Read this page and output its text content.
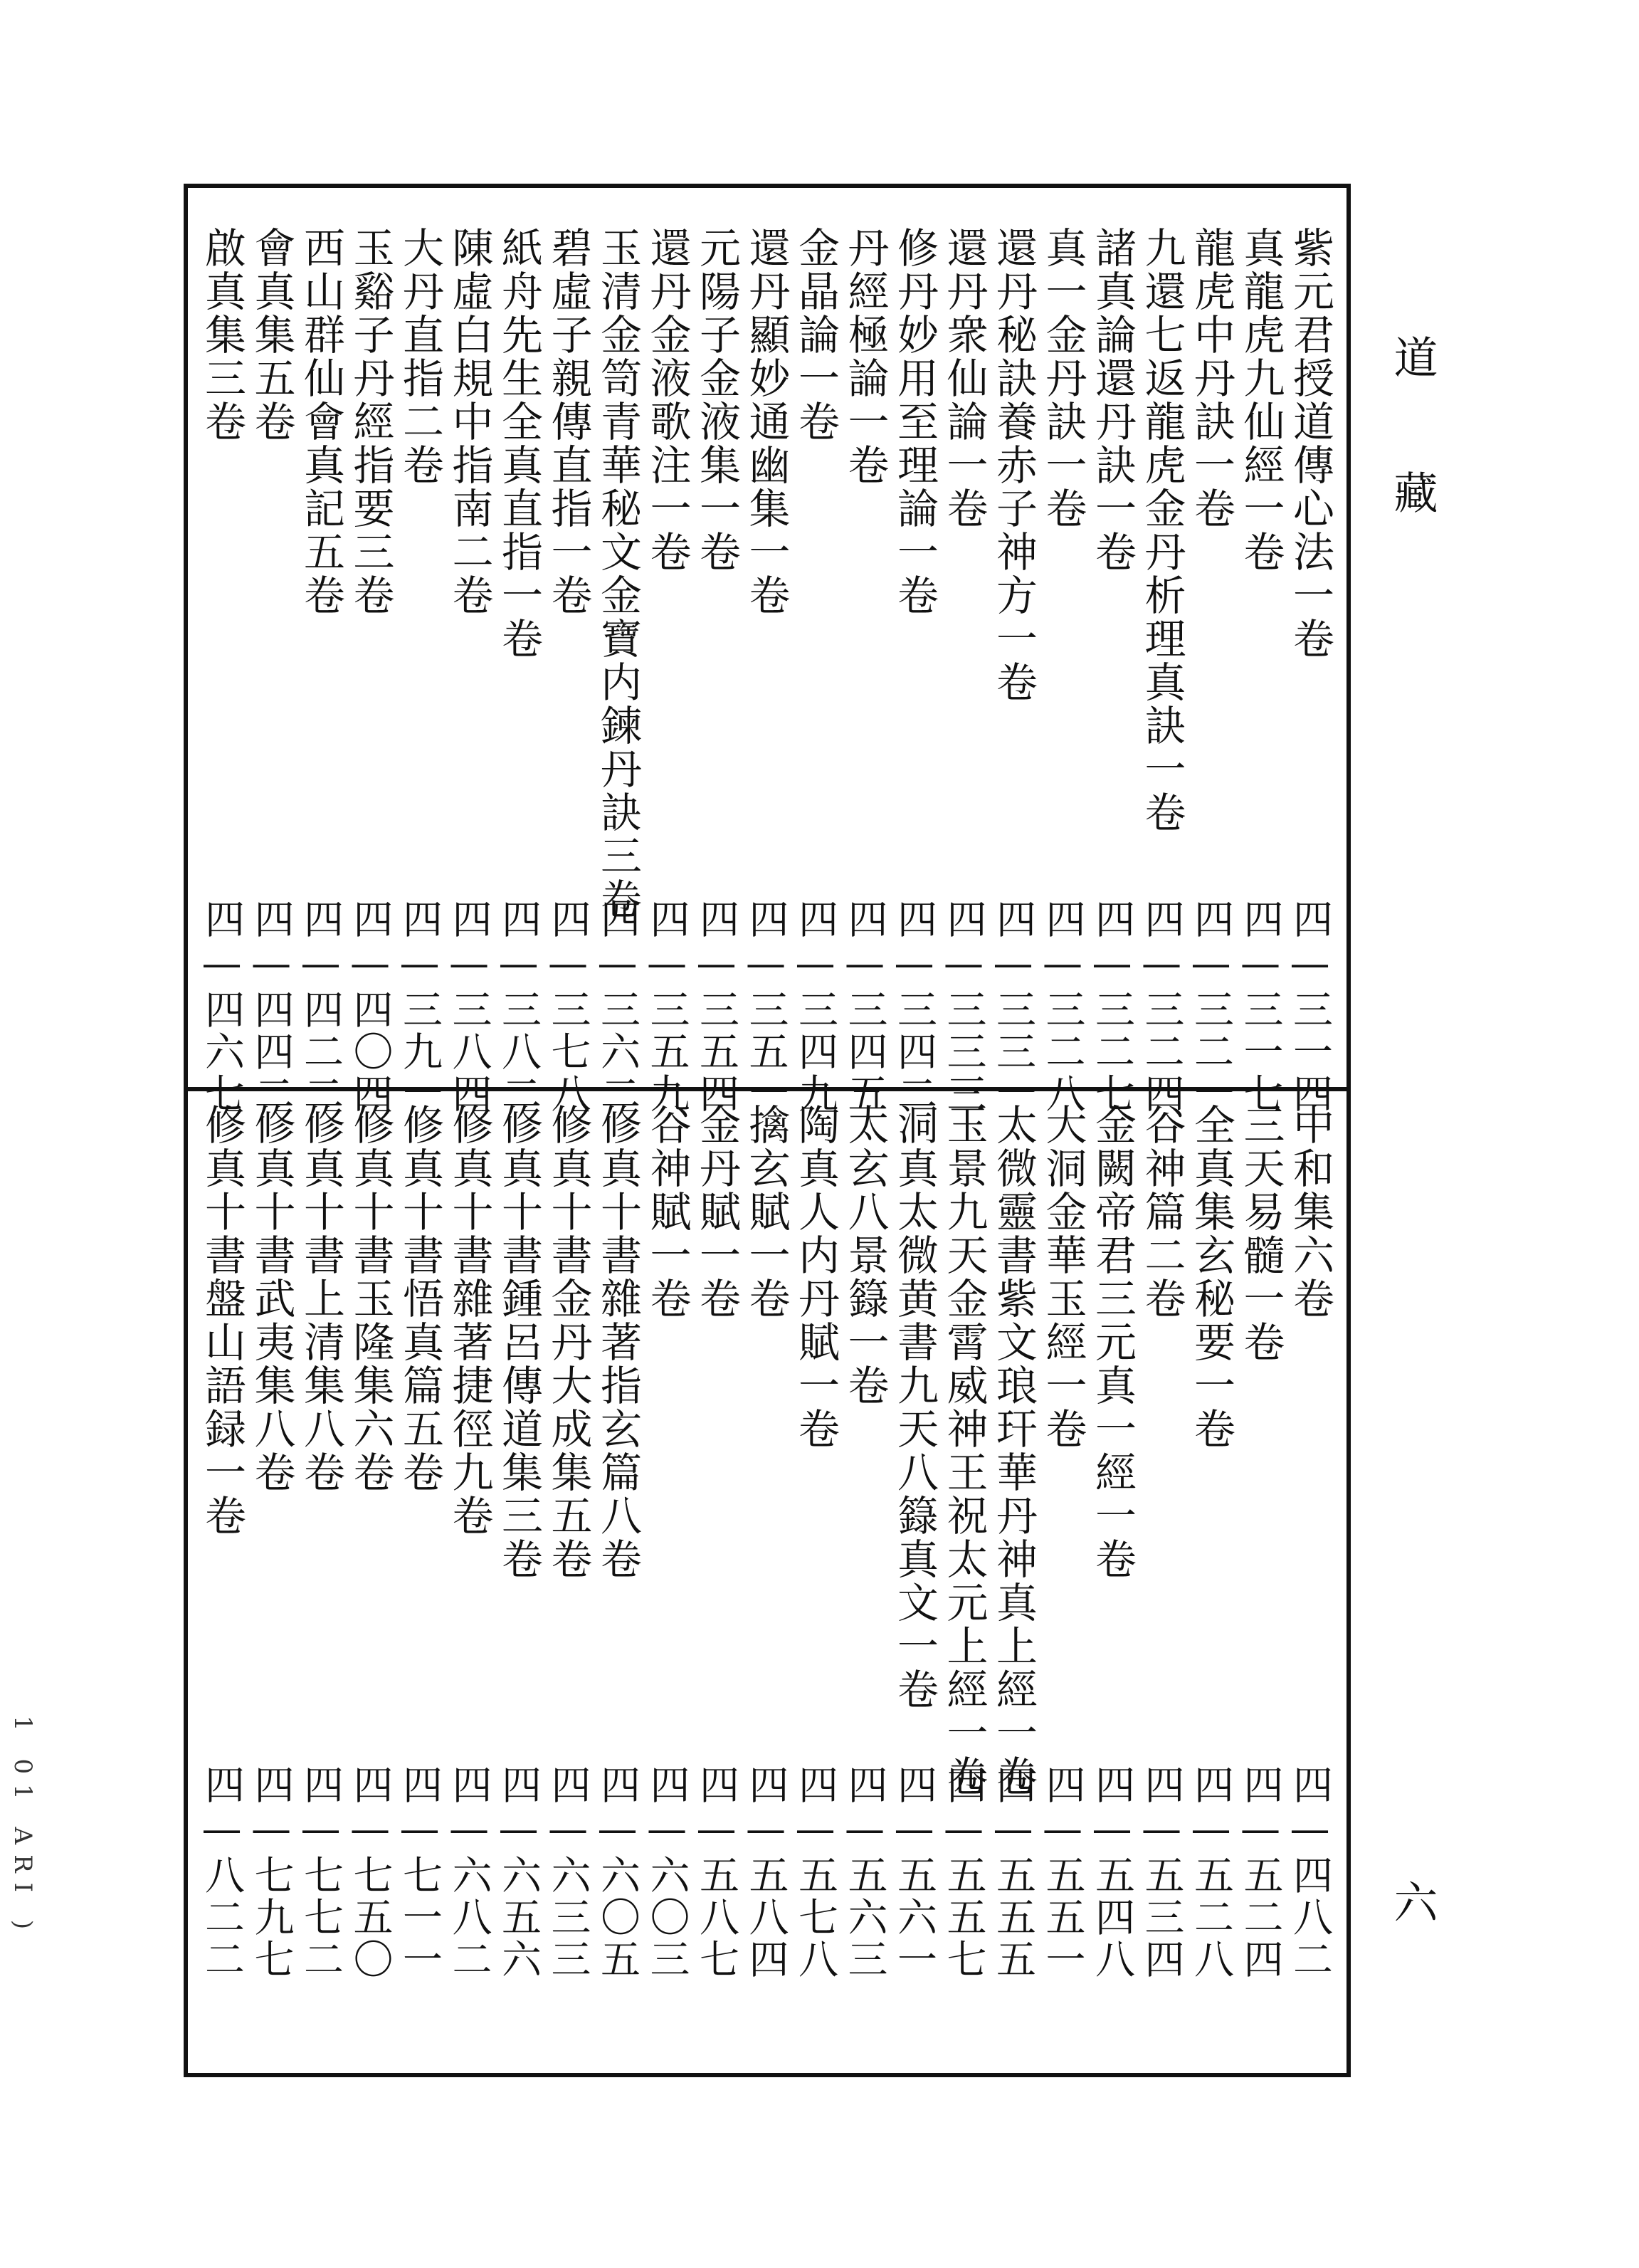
道
藏
六
1 01 ARI )
紫元君授道傳心法一卷
真龍虎九仙經一卷
龍虎中丹訣一卷
九還七返龍虎金丹析理真訣一卷
諸真論還丹訣一卷
真一金丹訣一卷
還丹秘訣養赤子神方一卷
還丹衆仙論一卷
修丹妙用至理論一卷
丹經極論一卷
金晶論一卷
還丹顯妙通幽集一卷
元陽子金液集一卷
還丹金液歌注一卷
玉清金笥青華秘文金寶内鍊丹訣三卷
碧虛子親傳直指一卷
紙舟先生全真直指一卷
陳虛白規中指南二卷
大丹直指二卷
玉谿子丹經指要三卷
西山群仙會真記五卷
會真集五卷
啟真集三卷
四—三一四
四—三一七
四—三二一
四—三二四
四—三二七
四—三二八
四—三三一
四—三三三
四—三四二
四—三四五
四—三四九
四—三五一
四—三五四
四—三五九
四—三六二
四—三七八
四—三八二
四—三八四
四—三九一
四—四〇四
四—四二二
四—四四二
四—四六七
中和集六卷
三天易髓一卷
全真集玄秘要一卷
谷神篇二卷
金闕帝君三元真一經一卷
大洞金華玉經一卷
太微靈書紫文琅玕華丹神真上經一卷
玉景九天金霄威神王祝太元上經一卷
洞真太微黄書九天八籙真文一卷
太玄八景籙一卷
陶真人内丹賦一卷
擒玄賦一卷
金丹賦一卷
谷神賦一卷
修真十書雜著指玄篇八卷
修真十書金丹大成集五卷
修真十書鍾呂傳道集三卷
修真十書雜著捷徑九卷
修真十書悟真篇五卷
修真十書玉隆集六卷
修真十書上清集八卷
修真十書武夷集八卷
修真十書盤山語録一卷
四—四八二
四—五二四
四—五二八
四—五三四
四—五四八
四—五五一
四—五五五
四—五五七
四—五六一
四—五六三
四—五七八
四—五八四
四—五八七
四—六〇三
四—六〇五
四—六三三
四—六五六
四—六八二
四—七一一
四—七五〇
四—七七二
四—七九七
四—八二二
